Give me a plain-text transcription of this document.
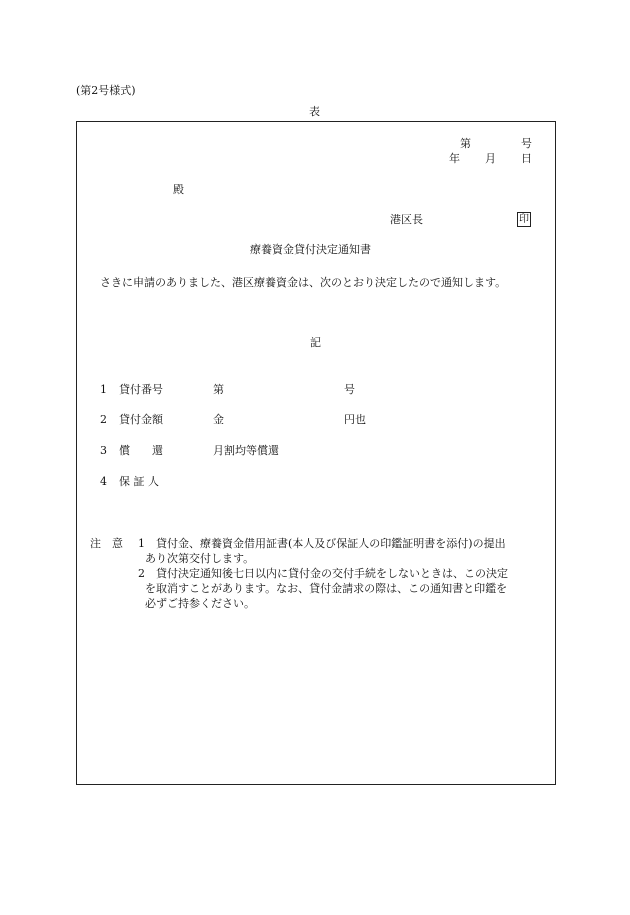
(第2号様式)
表
第	号
年 月 日
殿
港区長	印
療養資金貸付決定通知書
さきに申請のありました、港区療養資金は、次のとおり決定したので通知します。
記
1 貸付番号	第	号
2 貸付金額	金	円也
3 償　　還	月割均等償還
4 保 証 人
注　意 1 貸付金、療養資金借用証書(本人及び保証人の印鑑証明書を添付)の提出
あり次第交付します。
2 貸付決定通知後七日以内に貸付金の交付手続をしないときは、この決定
を取消すことがあります。なお、貸付金請求の際は、この通知書と印鑑を
必ずご持参ください。
